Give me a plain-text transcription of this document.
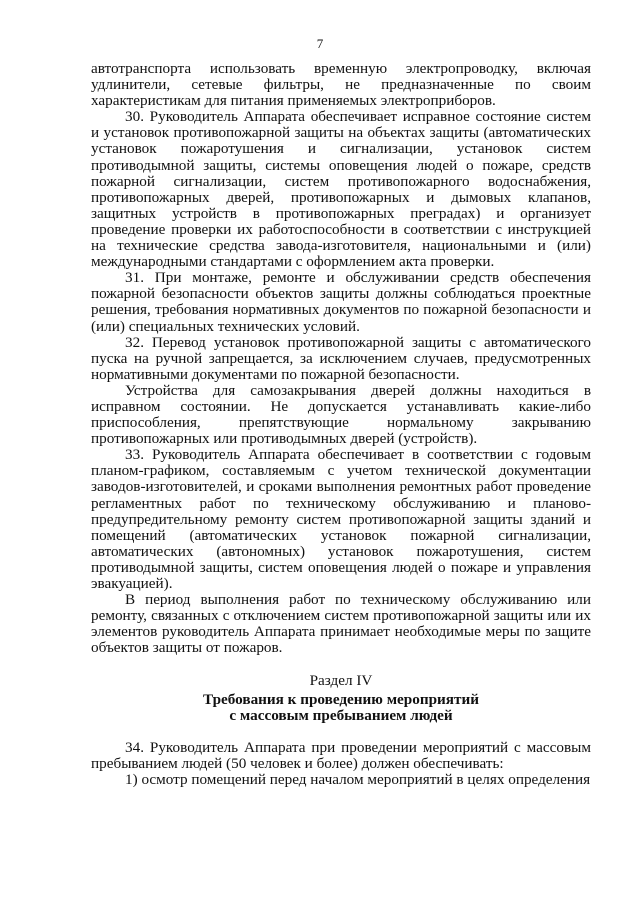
7

автотранспорта использовать временную электропроводку, включая удлинители, сетевые фильтры, не предназначенные по своим характеристикам для питания применяемых электроприборов.

30. Руководитель Аппарата обеспечивает исправное состояние систем и установок противопожарной защиты на объектах защиты (автоматических установок пожаротушения и сигнализации, установок систем противодымной защиты, системы оповещения людей о пожаре, средств пожарной сигнализации, систем противопожарного водоснабжения, противопожарных дверей, противопожарных и дымовых клапанов, защитных устройств в противопожарных преградах) и организует проведение проверки их работоспособности в соответствии с инструкцией на технические средства завода-изготовителя, национальными и (или) международными стандартами с оформлением акта проверки.

31. При монтаже, ремонте и обслуживании средств обеспечения пожарной безопасности объектов защиты должны соблюдаться проектные решения, требования нормативных документов по пожарной безопасности и (или) специальных технических условий.

32. Перевод установок противопожарной защиты с автоматического пуска на ручной запрещается, за исключением случаев, предусмотренных нормативными документами по пожарной безопасности.

Устройства для самозакрывания дверей должны находиться в исправном состоянии. Не допускается устанавливать какие-либо приспособления, препятствующие нормальному закрыванию противопожарных или противодымных дверей (устройств).

33. Руководитель Аппарата обеспечивает в соответствии с годовым планом-графиком, составляемым с учетом технической документации заводов-изготовителей, и сроками выполнения ремонтных работ проведение регламентных работ по техническому обслуживанию и планово-предупредительному ремонту систем противопожарной защиты зданий и помещений (автоматических установок пожарной сигнализации, автоматических (автономных) установок пожаротушения, систем противодымной защиты, систем оповещения людей о пожаре и управления эвакуацией).

В период выполнения работ по техническому обслуживанию или ремонту, связанных с отключением систем противопожарной защиты или их элементов руководитель Аппарата принимает необходимые меры по защите объектов защиты от пожаров.

Раздел IV

Требования к проведению мероприятий

с массовым пребыванием людей

34. Руководитель Аппарата при проведении мероприятий с массовым пребыванием людей (50 человек и более) должен обеспечивать:

1) осмотр помещений перед началом мероприятий в целях определения
